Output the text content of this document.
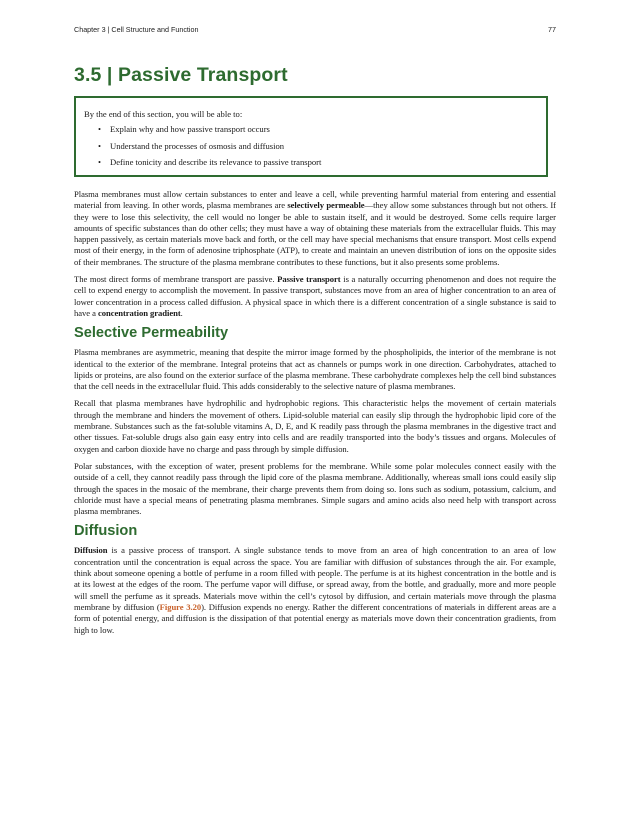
Chapter 3 | Cell Structure and Function	77
3.5 | Passive Transport

By the end of this section, you will be able to:

• Explain why and how passive transport occurs
• Understand the processes of osmosis and diffusion
• Define tonicity and describe its relevance to passive transport

Plasma membranes must allow certain substances to enter and leave a cell, while preventing harmful material from entering and essential material from leaving. In other words, plasma membranes are selectively permeable—they allow some substances through but not others. If they were to lose this selectivity, the cell would no longer be able to sustain itself, and it would be destroyed. Some cells require larger amounts of specific substances than do other cells; they must have a way of obtaining these materials from the extracellular fluids. This may happen passively, as certain materials move back and forth, or the cell may have special mechanisms that ensure transport. Most cells expend most of their energy, in the form of adenosine triphosphate (ATP), to create and maintain an uneven distribution of ions on the opposite sides of their membranes. The structure of the plasma membrane contributes to these functions, but it also presents some problems.

The most direct forms of membrane transport are passive. Passive transport is a naturally occurring phenomenon and does not require the cell to expend energy to accomplish the movement. In passive transport, substances move from an area of higher concentration to an area of lower concentration in a process called diffusion. A physical space in which there is a different concentration of a single substance is said to have a concentration gradient.

Selective Permeability

Plasma membranes are asymmetric, meaning that despite the mirror image formed by the phospholipids, the interior of the membrane is not identical to the exterior of the membrane. Integral proteins that act as channels or pumps work in one direction. Carbohydrates, attached to lipids or proteins, are also found on the exterior surface of the plasma membrane. These carbohydrate complexes help the cell bind substances that the cell needs in the extracellular fluid. This adds considerably to the selective nature of plasma membranes.

Recall that plasma membranes have hydrophilic and hydrophobic regions. This characteristic helps the movement of certain materials through the membrane and hinders the movement of others. Lipid-soluble material can easily slip through the hydrophobic lipid core of the membrane. Substances such as the fat-soluble vitamins A, D, E, and K readily pass through the plasma membranes in the digestive tract and other tissues. Fat-soluble drugs also gain easy entry into cells and are readily transported into the body’s tissues and organs. Molecules of oxygen and carbon dioxide have no charge and pass through by simple diffusion.

Polar substances, with the exception of water, present problems for the membrane. While some polar molecules connect easily with the outside of a cell, they cannot readily pass through the lipid core of the plasma membrane. Additionally, whereas small ions could easily slip through the spaces in the mosaic of the membrane, their charge prevents them from doing so. Ions such as sodium, potassium, calcium, and chloride must have a special means of penetrating plasma membranes. Simple sugars and amino acids also need help with transport across plasma membranes.

Diffusion

Diffusion is a passive process of transport. A single substance tends to move from an area of high concentration to an area of low concentration until the concentration is equal across the space. You are familiar with diffusion of substances through the air. For example, think about someone opening a bottle of perfume in a room filled with people. The perfume is at its highest concentration in the bottle and is at its lowest at the edges of the room. The perfume vapor will diffuse, or spread away, from the bottle, and gradually, more and more people will smell the perfume as it spreads. Materials move within the cell’s cytosol by diffusion, and certain materials move through the plasma membrane by diffusion (Figure 3.20). Diffusion expends no energy. Rather the different concentrations of materials in different areas are a form of potential energy, and diffusion is the dissipation of that potential energy as materials move down their concentration gradients, from high to low.
